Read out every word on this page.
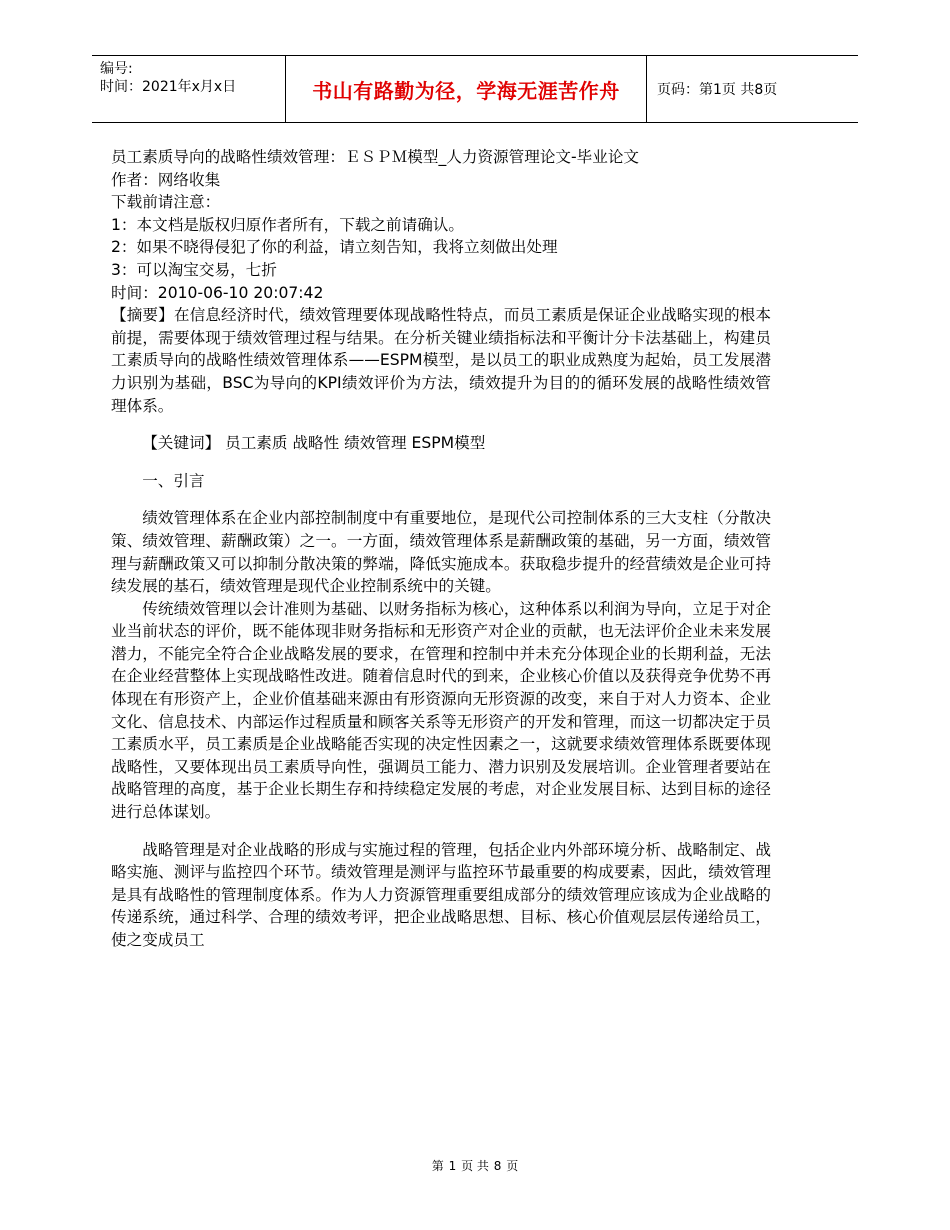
编号:
时间：2021年x月x日	书山有路勤为径，学海无涯苦作舟	页码：第1页 共8页
员工素质导向的战略性绩效管理：ＥＳＰＭ模型_人力资源管理论文-毕业论文
作者：网络收集
下载前请注意：
1：本文档是版权归原作者所有，下载之前请确认。
2：如果不晓得侵犯了你的利益，请立刻告知，我将立刻做出处理
3：可以淘宝交易，七折
时间：2010-06-10 20:07:42

【摘要】在信息经济时代，绩效管理要体现战略性特点，而员工素质是保证企业战略实现的根本前提，需要体现于绩效管理过程与结果。在分析关键业绩指标法和平衡计分卡法基础上，构建员工素质导向的战略性绩效管理体系——ESPM模型，是以员工的职业成熟度为起始，员工发展潜力识别为基础，BSC为导向的KPI绩效评价为方法，绩效提升为目的的循环发展的战略性绩效管理体系。

【关键词】 员工素质 战略性 绩效管理 ESPM模型

一、引言

绩效管理体系在企业内部控制制度中有重要地位，是现代公司控制体系的三大支柱（分散决策、绩效管理、薪酬政策）之一。一方面，绩效管理体系是薪酬政策的基础，另一方面，绩效管理与薪酬政策又可以抑制分散决策的弊端，降低实施成本。获取稳步提升的经营绩效是企业可持续发展的基石，绩效管理是现代企业控制系统中的关键。

传统绩效管理以会计准则为基础、以财务指标为核心，这种体系以利润为导向，立足于对企业当前状态的评价，既不能体现非财务指标和无形资产对企业的贡献，也无法评价企业未来发展潜力，不能完全符合企业战略发展的要求，在管理和控制中并未充分体现企业的长期利益，无法在企业经营整体上实现战略性改进。随着信息时代的到来，企业核心价值以及获得竞争优势不再体现在有形资产上，企业价值基础来源由有形资源向无形资源的改变，来自于对人力资本、企业文化、信息技术、内部运作过程质量和顾客关系等无形资产的开发和管理，而这一切都决定于员工素质水平，员工素质是企业战略能否实现的决定性因素之一，这就要求绩效管理体系既要体现战略性，又要体现出员工素质导向性，强调员工能力、潜力识别及发展培训。企业管理者要站在战略管理的高度，基于企业长期生存和持续稳定发展的考虑，对企业发展目标、达到目标的途径进行总体谋划。

战略管理是对企业战略的形成与实施过程的管理，包括企业内外部环境分析、战略制定、战略实施、测评与监控四个环节。绩效管理是测评与监控环节最重要的构成要素，因此，绩效管理是具有战略性的管理制度体系。作为人力资源管理重要组成部分的绩效管理应该成为企业战略的传递系统，通过科学、合理的绩效考评，把企业战略思想、目标、核心价值观层层传递给员工，使之变成员工

第 1 页 共 8 页
